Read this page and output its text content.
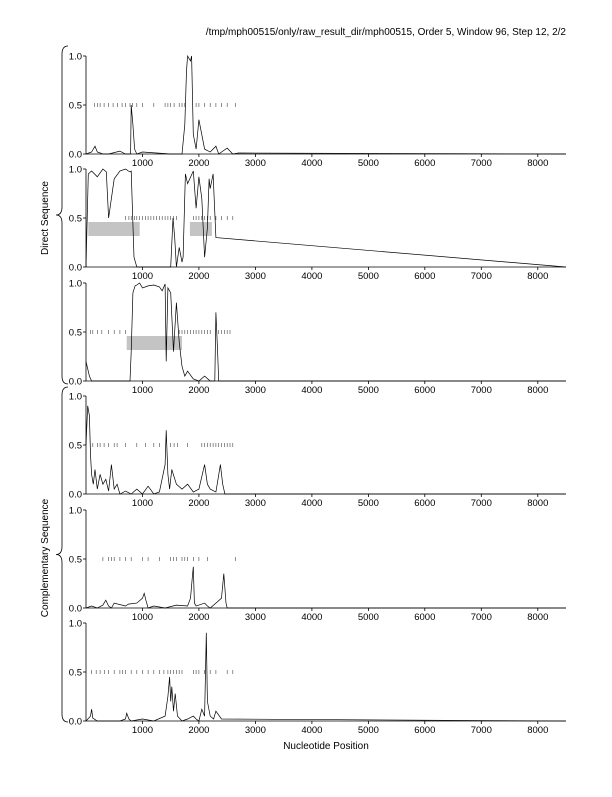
/tmp/mph00515/only/raw_result_dir/mph00515, Order 5, Window 96, Step 12, 2/2
0.0
0.5
1.0
1000	2000	3000	4000	5000	6000	7000	8000
0.0
0.5
1.0
1000	2000	3000	4000	5000	6000	7000	8000
0.0
0.5
1.0
1000	2000	3000	4000	5000	6000	7000	8000
0.0
0.5
1.0
1000	2000	3000	4000	5000	6000	7000	8000
0.0
0.5
1.0
1000	2000	3000	4000	5000	6000	7000	8000
0.0
0.5
1.0
1000	2000	3000	4000	5000	6000	7000	8000
Direct Sequence
Complementary Sequence
Nucleotide Position
